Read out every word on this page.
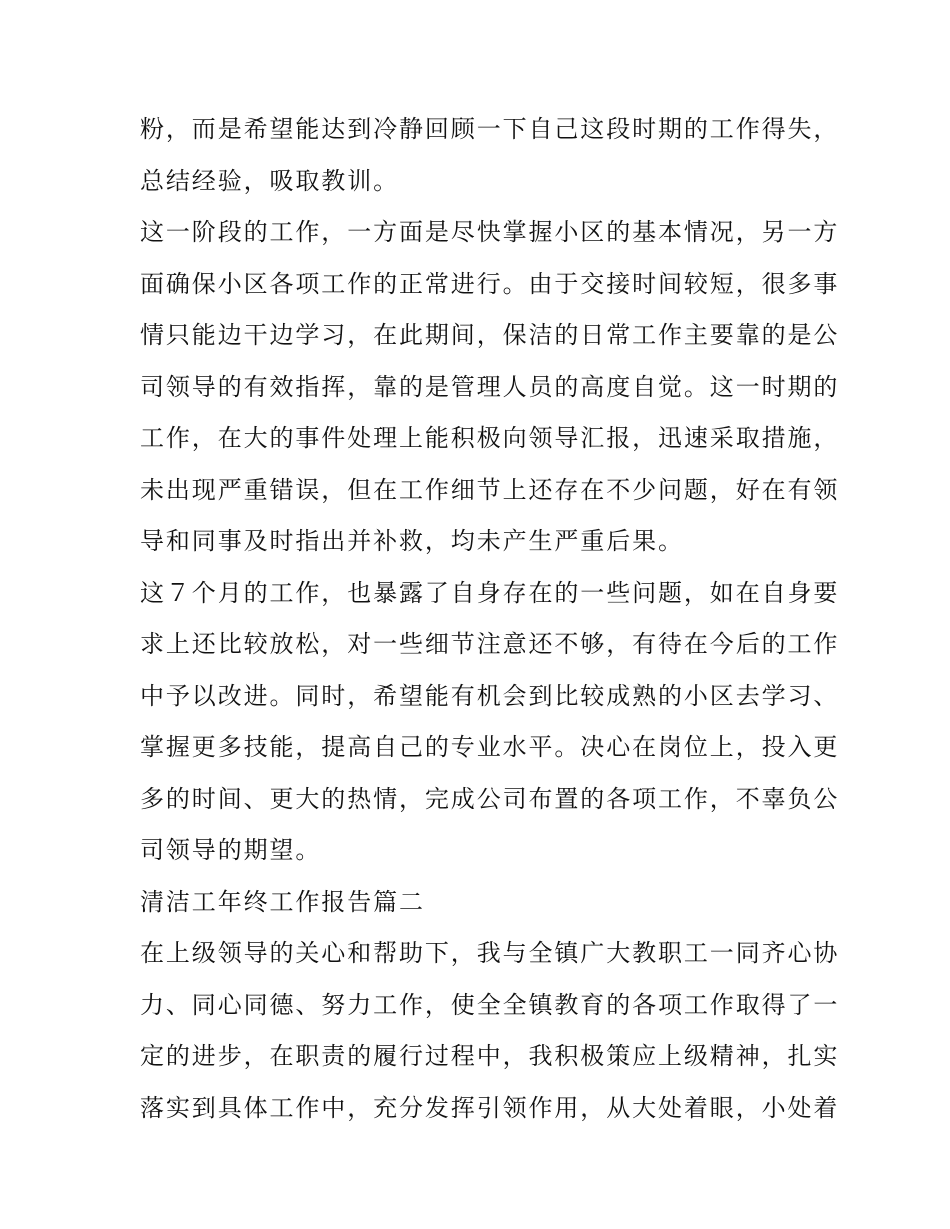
粉，而是希望能达到冷静回顾一下自己这段时期的工作得失，
总结经验，吸取教训。
这一阶段的工作，一方面是尽快掌握小区的基本情况，另一方
面确保小区各项工作的正常进行。由于交接时间较短，很多事
情只能边干边学习，在此期间，保洁的日常工作主要靠的是公
司领导的有效指挥，靠的是管理人员的高度自觉。这一时期的
工作，在大的事件处理上能积极向领导汇报，迅速采取措施，
未出现严重错误，但在工作细节上还存在不少问题，好在有领
导和同事及时指出并补救，均未产生严重后果。
这７个月的工作，也暴露了自身存在的一些问题，如在自身要
求上还比较放松，对一些细节注意还不够，有待在今后的工作
中予以改进。同时，希望能有机会到比较成熟的小区去学习、
掌握更多技能，提高自己的专业水平。决心在岗位上，投入更
多的时间、更大的热情，完成公司布置的各项工作，不辜负公
司领导的期望。
清洁工年终工作报告篇二
在上级领导的关心和帮助下，我与全镇广大教职工一同齐心协
力、同心同德、努力工作，使全全镇教育的各项工作取得了一
定的进步，在职责的履行过程中，我积极策应上级精神，扎实
落实到具体工作中，充分发挥引领作用，从大处着眼，小处着
